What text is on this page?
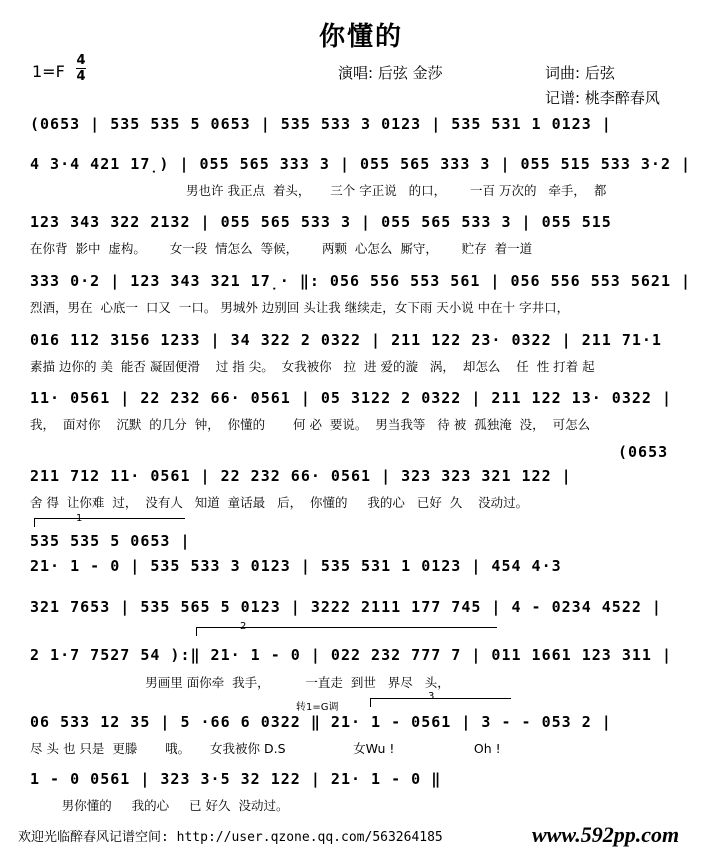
你懂的
1=F
4
4	演唱: 后弦 金莎	词曲: 后弦
记谱: 桃李醉春风
(0653 | 535 535 5 0653 | 535 533 3 0123 | 535 531 1 0123 |
4 3·4 421 17̣) | 055 565 333 3 | 055 565 333 3 | 055 515 533 3·2 |
男也许 我正点  着头，     三个 字正说   的口，      一百 万次的   牵手，  都
123 343 322 2132 | 055 565 533 3 | 055 565 533 3 | 055 515
在你背  影中  虚构。      女一段  情怎么  等候，      两颗  心怎么  厮守，      贮存  着一道
333 0·2 | 123 343 321 17̣· ‖: 056 556 553 561 | 056 556 553 5621 |
烈酒，男在  心底一  口又  一口。 男城外 边别回 头让我 继续走，女下雨 天小说 中在十 字井口，
016 112 3156 1233 | 34 322 2 0322 | 211 122 23· 0322 | 211 71·1
素描 边你的 美  能否 凝固便滑    过 指 尖。  女我被你   拉  进 爱的漩   涡，  却怎么    任  性 打着 起
11· 0561 | 22 232 66· 0561 | 05 3122 2 0322 | 211 122 13· 0322 |
我，  面对你    沉默  的几分  钟，  你懂的       何 必  要说。  男当我等   待 被  孤独淹  没，  可怎么
(0653
211 712 11· 0561 | 22 232 66· 0561 | 323 323 321 122 |
舍 得  让你难  过，  没有人   知道  童话最   后，  你懂的     我的心   已好  久    没动过。
1
535 535 5 0653 |
21· 1 - 0 | 535 533 3 0123 | 535 531 1 0123 | 454 4·3
321 7653 | 535 565 5 0123 | 3222 2111 177 745 | 4 - 0234 4522 |
2
2 1·7 7527 54 ):‖ 21· 1 - 0 | 022 232 777 7 | 011 1661 123 311 |
男画里 面你牵  我手，         一直走  到世   界尽   头，
3
转1=G调
06 533 12 35 | 5 ·66 6 0322 ‖ 21· 1 - 0561 | 3 - - 053 2 |
尽 头 也 只是  更滕       哦。     女我被你 D.S                 女Wu !                    Oh !
1 - 0 0561 | 323 3·5 32 122 | 21· 1 - 0 ‖
男你懂的     我的心     已 好久  没动过。
欢迎光临醉春风记谱空间: http://user.qzone.qq.com/563264185	www.592pp.com
